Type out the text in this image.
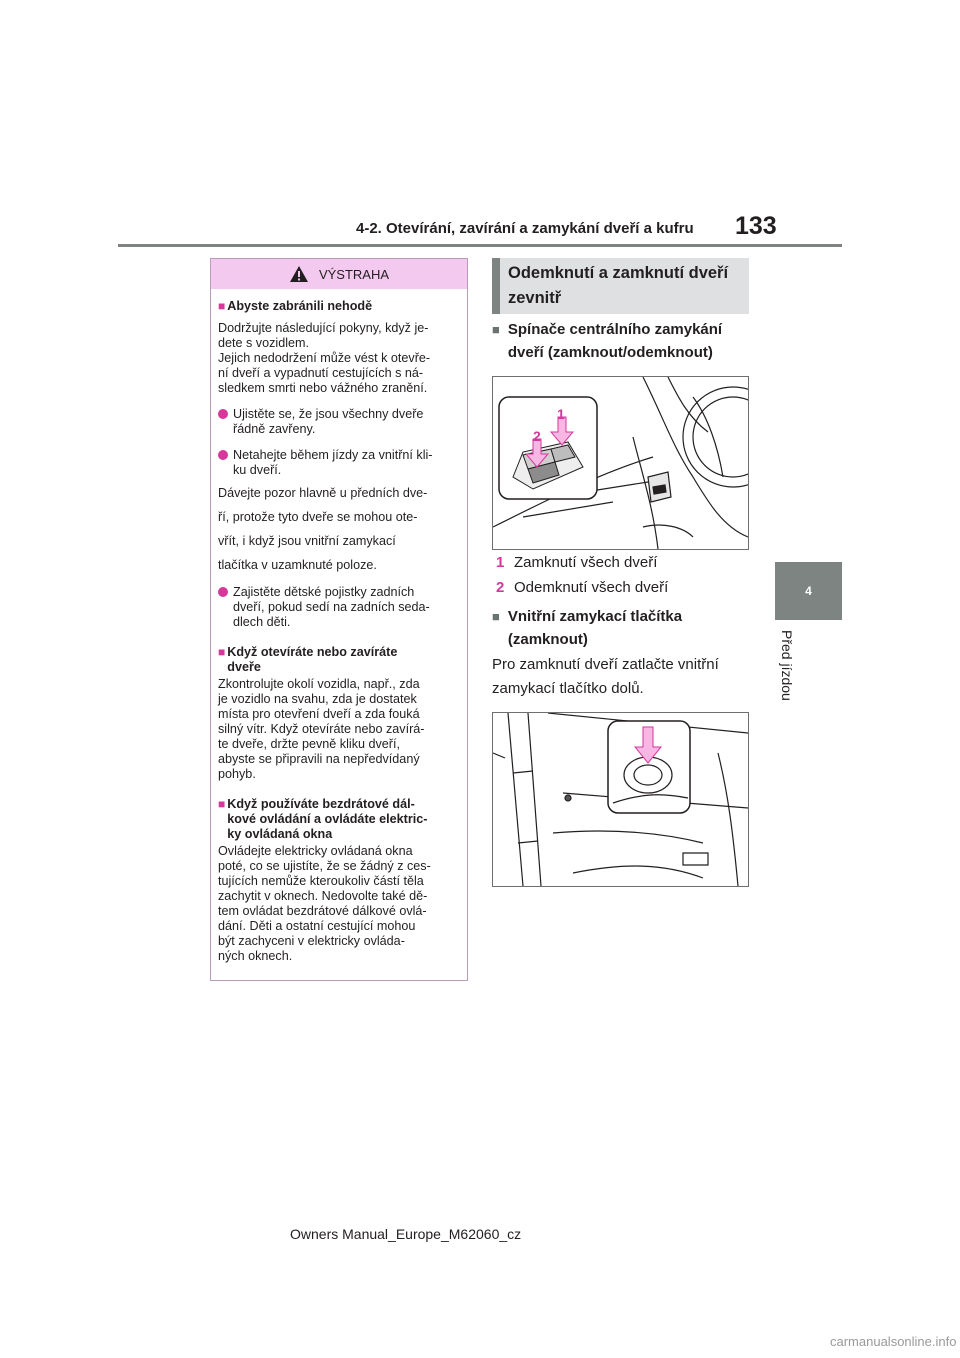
4-2. Otevírání, zavírání a zamykání dveří a kufru 133
4
Před jízdou
VÝSTRAHA
■ Abyste zabránili nehodě
Dodržujte následující pokyny, když je-
dete s vozidlem.
Jejich nedodržení může vést k otevře-
ní dveří a vypadnutí cestujících s ná-
sledkem smrti nebo vážného zranění.
Ujistěte se, že jsou všechny dveře
řádně zavřeny.
Netahejte během jízdy za vnitřní kli-
ku dveří.
Dávejte pozor hlavně u předních dve-
ří, protože tyto dveře se mohou ote-
vřít, i když jsou vnitřní zamykací
tlačítka v uzamknuté poloze.
Zajistěte dětské pojistky zadních
dveří, pokud sedí na zadních seda-
dlech děti.
■ Když otevíráte nebo zavíráte
dveře
Zkontrolujte okolí vozidla, např., zda
je vozidlo na svahu, zda je dostatek
místa pro otevření dveří a zda fouká
silný vítr. Když otevíráte nebo zavírá-
te dveře, držte pevně kliku dveří,
abyste se připravili na nepředvídaný
pohyb.
■ Když používáte bezdrátové dál-
kové ovládání a ovládáte elektric-
ky ovládaná okna
Ovládejte elektricky ovládaná okna
poté, co se ujistíte, že se žádný z ces-
tujících nemůže kteroukoliv částí těla
zachytit v oknech. Nedovolte také dě-
tem ovládat bezdrátové dálkové ovlá-
dání. Děti a ostatní cestující mohou
být zachyceni v elektricky ovláda-
ných oknech.
Odemknutí a zamknutí dveří
zevnitř
■ Spínače centrálního zamykání
dveří (zamknout/odemknout)
1
2
1 Zamknutí všech dveří
2 Odemknutí všech dveří
■ Vnitřní zamykací tlačítka
(zamknout)
Pro zamknutí dveří zatlačte vnitřní
zamykací tlačítko dolů.
Owners Manual_Europe_M62060_cz
carmanualsonline.info
